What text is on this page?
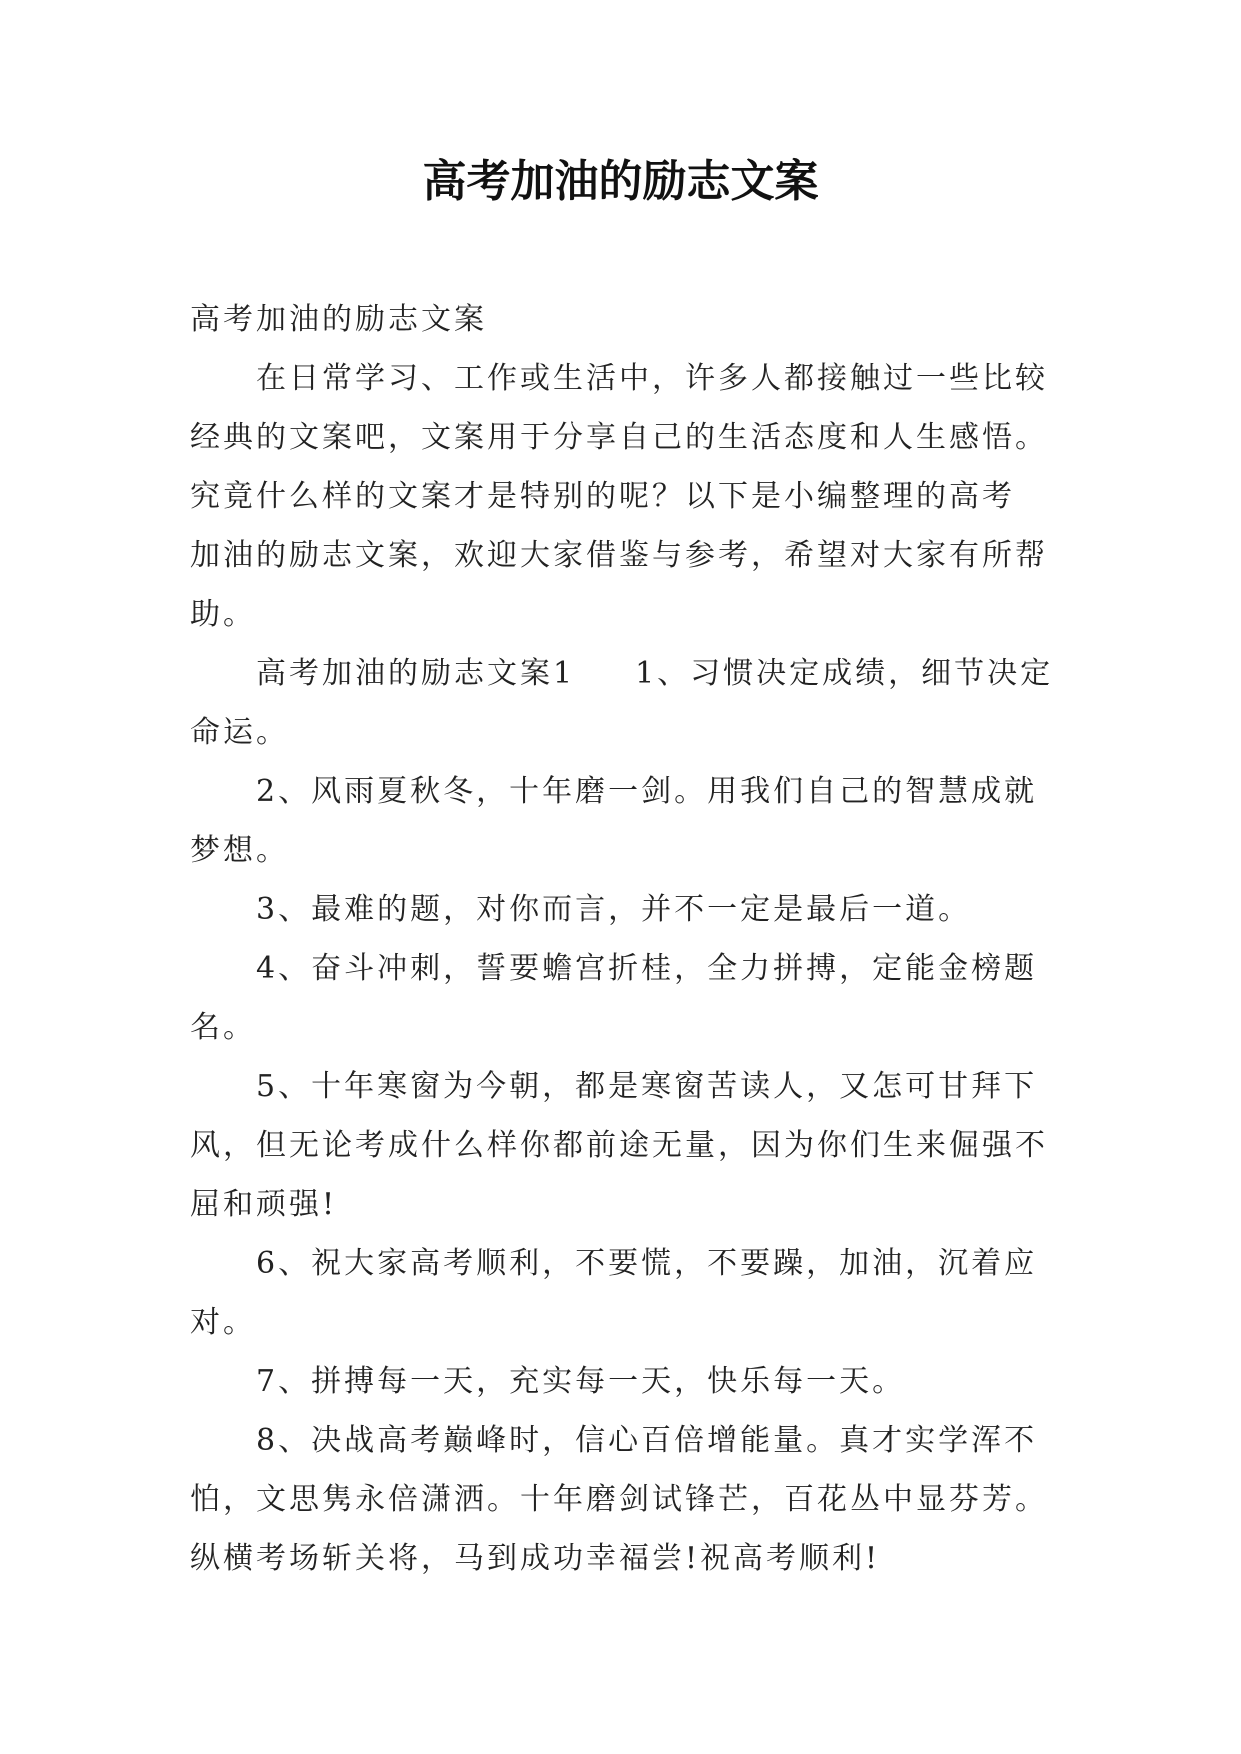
高考加油的励志文案
高考加油的励志文案
在日常学习、工作或生活中，许多人都接触过一些比较
经典的文案吧，文案用于分享自己的生活态度和人生感悟。
究竟什么样的文案才是特别的呢？以下是小编整理的高考
加油的励志文案，欢迎大家借鉴与参考，希望对大家有所帮
助。
高考加油的励志文案1 1、习惯决定成绩，细节决定
命运。
2、风雨夏秋冬，十年磨一剑。用我们自己的智慧成就
梦想。
3、最难的题，对你而言，并不一定是最后一道。
4、奋斗冲刺，誓要蟾宫折桂，全力拼搏，定能金榜题
名。
5、十年寒窗为今朝，都是寒窗苦读人，又怎可甘拜下
风，但无论考成什么样你都前途无量，因为你们生来倔强不
屈和顽强!
6、祝大家高考顺利，不要慌，不要躁，加油，沉着应
对。
7、拼搏每一天，充实每一天，快乐每一天。
8、决战高考巅峰时，信心百倍增能量。真才实学浑不
怕，文思隽永倍潇洒。十年磨剑试锋芒，百花丛中显芬芳。
纵横考场斩关将，马到成功幸福尝!祝高考顺利!
